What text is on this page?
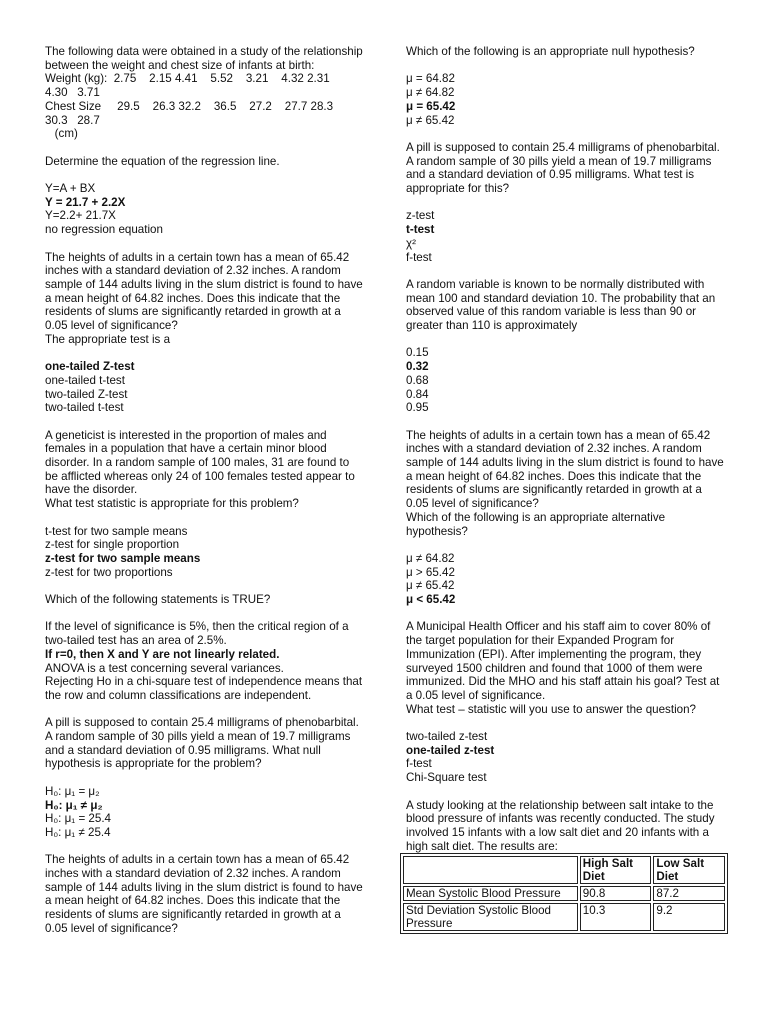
The following data were obtained in a study of the relationship between the weight and chest size of infants at birth:

Weight (kg):  2.75    2.15 4.41    5.52    3.21    4.32 2.31

4.30   3.71

Chest Size     29.5    26.3 32.2    36.5    27.2    27.7 28.3

30.3   28.7

(cm)

Determine the equation of the regression line.

Y=A + BX
Y = 21.7 + 2.2X
Y=2.2+ 21.7X
no regression equation

The heights of adults in a certain town has a mean of 65.42 inches with a standard deviation of 2.32 inches. A random sample of 144 adults living in the slum district is found to have a mean height of 64.82 inches. Does this indicate that the residents of slums are significantly retarded in growth at a 0.05 level of significance?

The appropriate test is a

one-tailed Z-test
one-tailed t-test
two-tailed Z-test
two-tailed t-test

A geneticist is interested in the proportion of males and females in a population that have a certain minor blood disorder. In a random sample of 100 males, 31 are found to be afflicted whereas only 24 of 100 females tested appear to have the disorder.

What test statistic is appropriate for this problem?

t-test for two sample means
z-test for single proportion
z-test for two sample means
z-test for two proportions

Which of the following statements is TRUE?

If the level of significance is 5%, then the critical region of a two-tailed test has an area of 2.5%.
If r=0, then X and Y are not linearly related.
ANOVA is a test concerning several variances.
Rejecting Ho in a chi-square test of independence means that the row and column classifications are independent.

A pill is supposed to contain 25.4 milligrams of phenobarbital. A random sample of 30 pills yield a mean of 19.7 milligrams and a standard deviation of 0.95 milligrams. What null hypothesis is appropriate for the problem?

H₀: μ₁ = μ₂
H₀: μ₁ ≠ μ₂
H₀: μ₁ = 25.4
H₀: μ₁ ≠ 25.4

The heights of adults in a certain town has a mean of 65.42 inches with a standard deviation of 2.32 inches. A random sample of 144 adults living in the slum district is found to have a mean height of 64.82 inches. Does this indicate that the residents of slums are significantly retarded in growth at a 0.05 level of significance?

Which of the following is an appropriate null hypothesis?

μ = 64.82
μ ≠ 64.82
μ = 65.42
μ ≠ 65.42

A pill is supposed to contain 25.4 milligrams of phenobarbital. A random sample of 30 pills yield a mean of 19.7 milligrams and a standard deviation of 0.95 milligrams. What test is appropriate for this?

z-test
t-test
χ²
f-test

A random variable is known to be normally distributed with mean 100 and standard deviation 10. The probability that an observed value of this random variable is less than 90 or greater than 110 is approximately

0.15
0.32
0.68
0.84
0.95

The heights of adults in a certain town has a mean of 65.42 inches with a standard deviation of 2.32 inches. A random sample of 144 adults living in the slum district is found to have a mean height of 64.82 inches. Does this indicate that the residents of slums are significantly retarded in growth at a 0.05 level of significance?

Which of the following is an appropriate alternative hypothesis?

μ ≠ 64.82
μ > 65.42
μ ≠ 65.42
μ < 65.42

A Municipal Health Officer and his staff aim to cover 80% of the target population for their Expanded Program for Immunization (EPI). After implementing the program, they surveyed 1500 children and found that 1000 of them were immunized. Did the MHO and his staff attain his goal? Test at a 0.05 level of significance.

What test – statistic will you use to answer the question?

two-tailed z-test
one-tailed z-test
f-test
Chi-Square test

A study looking at the relationship between salt intake to the blood pressure of infants was recently conducted. The study involved 15 infants with a low salt diet and 20 infants with a high salt diet. The results are:

	High Salt Diet	Low Salt Diet
Mean Systolic Blood Pressure	90.8	87.2
Std Deviation Systolic Blood Pressure	10.3	9.2
